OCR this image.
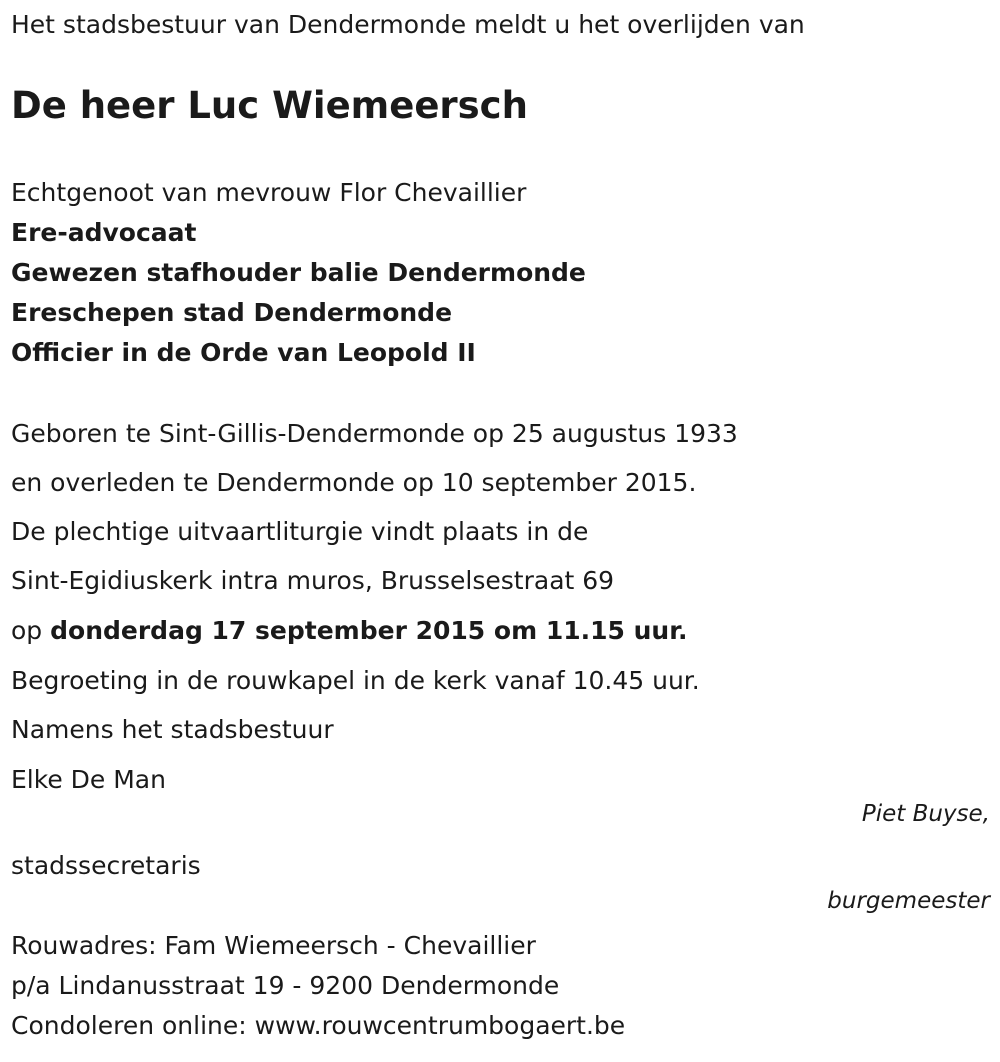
Het stadsbestuur van Dendermonde meldt u het overlijden van
De heer Luc Wiemeersch
Echtgenoot van mevrouw Flor Chevaillier
Ere-advocaat
Gewezen stafhouder balie Dendermonde
Ereschepen stad Dendermonde
Officier in de Orde van Leopold II
Geboren te Sint-Gillis-Dendermonde op 25 augustus 1933
en overleden te Dendermonde op 10 september 2015.
De plechtige uitvaartliturgie vindt plaats in de
Sint-Egidiuskerk intra muros, Brusselsestraat 69
op donderdag 17 september 2015 om 11.15 uur.
Begroeting in de rouwkapel in de kerk vanaf 10.45 uur.
Namens het stadsbestuur
Elke De Man
Piet Buyse,
stadssecretaris
burgemeester
Rouwadres: Fam Wiemeersch - Chevaillier
p/a Lindanusstraat 19 - 9200 Dendermonde
Condoleren online: www.rouwcentrumbogaert.be
